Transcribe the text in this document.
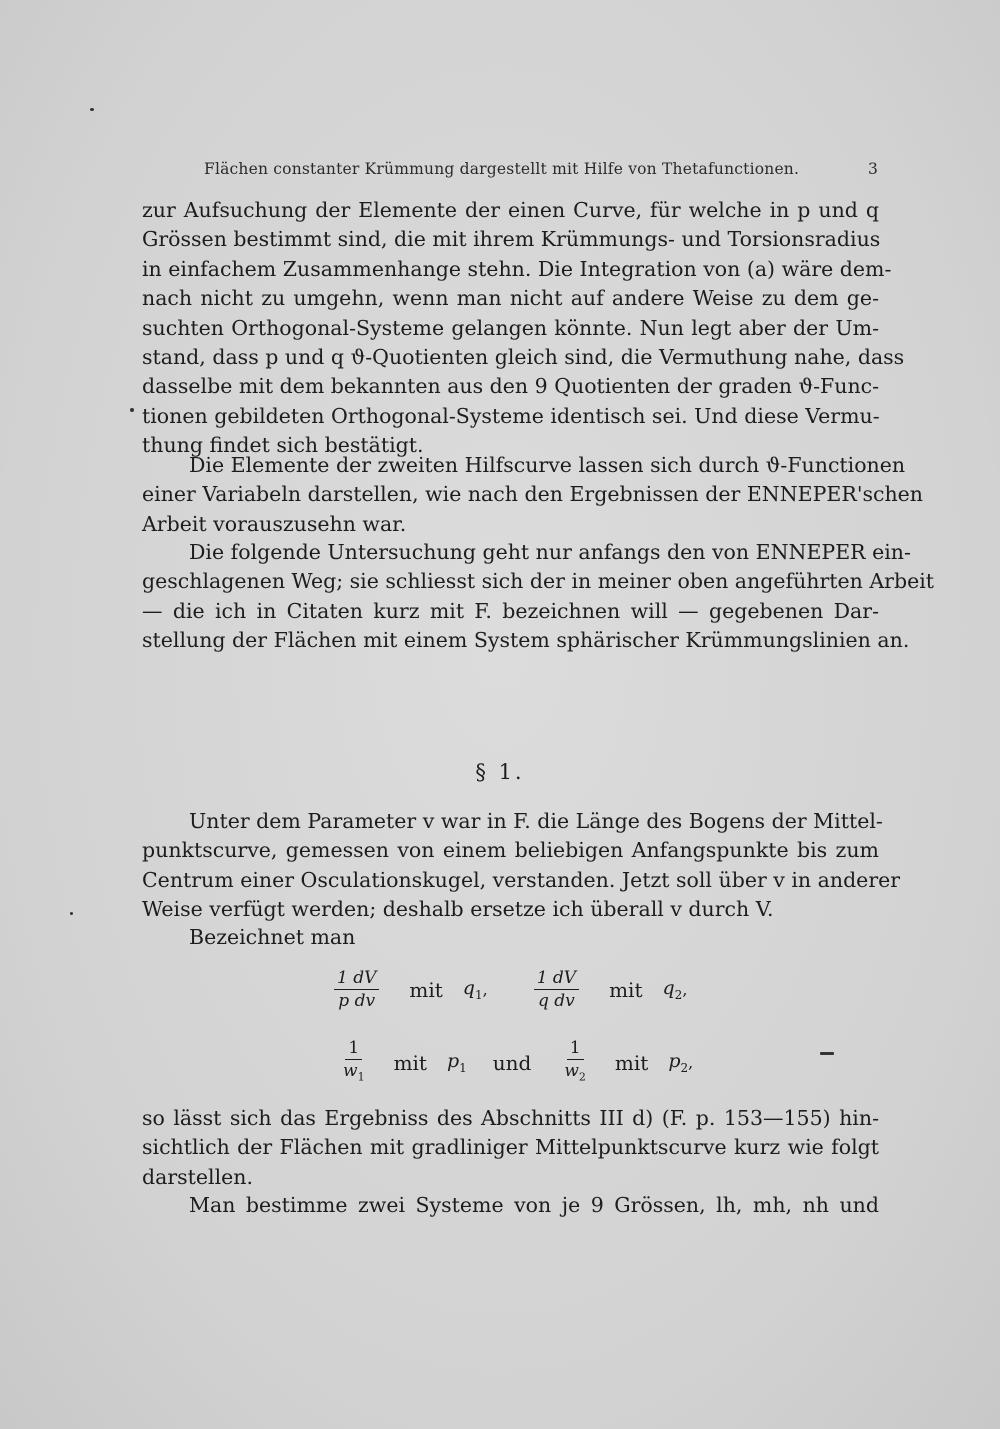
Flächen constanter Krümmung dargestellt mit Hilfe von Thetafunctionen.	3
zur Aufsuchung der Elemente der einen Curve, für welche in p und q
Grössen bestimmt sind, die mit ihrem Krümmungs- und Torsionsradius
in einfachem Zusammenhange stehn. Die Integration von (a) wäre dem-
nach nicht zu umgehn, wenn man nicht auf andere Weise zu dem ge-
suchten Orthogonal-Systeme gelangen könnte. Nun legt aber der Um-
stand, dass p und q ϑ-Quotienten gleich sind, die Vermuthung nahe, dass
dasselbe mit dem bekannten aus den 9 Quotienten der graden ϑ-Func-
tionen gebildeten Orthogonal-Systeme identisch sei. Und diese Vermu-
thung findet sich bestätigt.
Die Elemente der zweiten Hilfscurve lassen sich durch ϑ-Functionen
einer Variabeln darstellen, wie nach den Ergebnissen der ENNEPER'schen
Arbeit vorauszusehn war.
Die folgende Untersuchung geht nur anfangs den von ENNEPER ein-
geschlagenen Weg; sie schliesst sich der in meiner oben angeführten Arbeit
— die ich in Citaten kurz mit F. bezeichnen will — gegebenen Dar-
stellung der Flächen mit einem System sphärischer Krümmungslinien an.
§ 1.
Unter dem Parameter v war in F. die Länge des Bogens der Mittel-
punktscurve, gemessen von einem beliebigen Anfangspunkte bis zum
Centrum einer Osculationskugel, verstanden. Jetzt soll über v in anderer
Weise verfügt werden; deshalb ersetze ich überall v durch V.
Bezeichnet man
$\frac{1 dV}{\text{p dv}}$ mit $q_1$ ,	$\frac{1 dV}{\text{q dv}}$ mit $q_2$ ,
$\frac{1}{w_1}$ mit $p_1$ und $\frac{1}{w_2}$ mit $p_2$ ,
so lässt sich das Ergebniss des Abschnitts III d) (F. p. 153—155) hin-
sichtlich der Flächen mit gradliniger Mittelpunktscurve kurz wie folgt
darstellen.
Man bestimme zwei Systeme von je 9 Grössen, lh, mh, nh und
